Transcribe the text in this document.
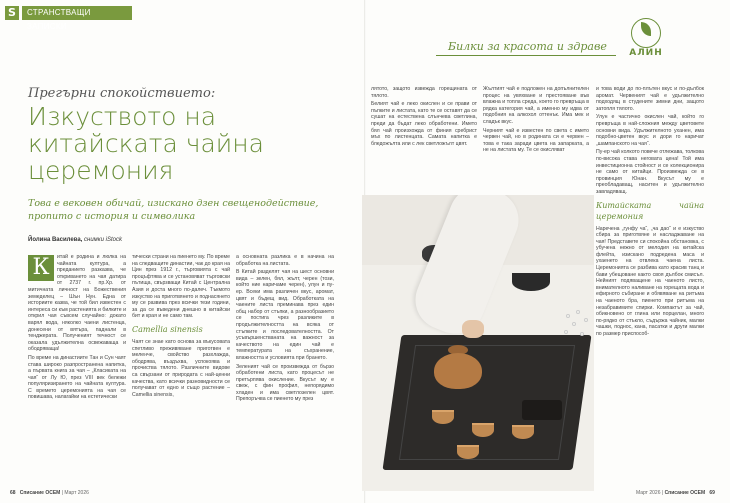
S	СТРАНСТВАЩИ ЗАПИСКИ
Прегърни спокойствието:
Изкуството на китайската чайна церемония
Това е вековен обичай, изискано дзен свещенодействие, пропито с история и символика
Йолина Василева, снимки iStock
К	итай е родина и люлка на чайната култура, а преданието разказва, че откриването на чая датира от 2737 г. пр.Хр. от митичната личност на Божествения земеделец – Шън Нун. Една от историите казва, че той бил известен с интереса си към растенията и билките и открил чая съвсем случайно: докато варял вода, няколко чаени листенца, донесени от вятъра, паднали в тенджерата. Полученият течност се оказала удължителна освежаваща и ободряваща!

По време на династиите Тан и Сун чаят става широко разпространена напитка, а първата книга за чая – „Класиката на чая“ от Лу Ю, през VIII век бележи популяризирането на чайната култура. С времето церемонията на чая се повишава, налагайки на естетически

тически страни на пиенето му. По време на следващите династии, чак до края на Цин през 1912 г., търговията с чай процъфтява и се установяват търговски пътища, свързващи Китай с Централна Азия и доста много по-далеч. Тъкмото изкуство на приготвянето и поднасянето му се развива през всички тези години, за да се въведени днешно в китайски бит и края и не само там.

Camellia sinensis

Чаят се знае като основа за въкусовата спетливо преживяване приготвен е меленче, свойство разхлажда, ободрява, въздъхва, успокоява и прочиства тялото. Различните видове са свързани от природата с най-ценни качества, като всички разновидности се получават от едно и също растение – Camellia sinensis,

а основната разлика е в начина на обработка на листата.

В Китай разделят чая на шест основни вида – зелен, бял, жълт, черен (този, който ние наричаме черен), улун и пу-ер. Всеки има различен вкус, аромат, цвят и бъдещ вид. Обработката на чаените листа преминава през един общ набор от стъпки, а разнообразието се постига чрез разликите в продължителността на всяка от стъпките и последователността. От усъвършенстваната на важност за качеството на един чай е температурата на съхранение, влажността и условията при брането.

Зеленият чай се произвежда от бързо обработени листа, като процесът не претърпява окисление. Вкусът му е свеж, с фин профил, непорядимо хладен и има светлозелен цвят. Препоръчва се пиенето му през

Билки за красота и здраве	АЛИН

лятото, защото извежда горещината от тялото.

Белият чай е леко окислен и се прави от пъпките и листата, като те се оставят да се сушат на естествена слънчева светлина, преди да бъдат леко обработени. Името бял чай произхожда от финия сребрист мъх по листенцата. Самата напитка е бледожълта или с лек светложълт цвят.

Жълтият чай е подложен на допълнителен процес на увяхване и престояване във влажна и топла среда, което го превръща в рядка категория чай, а именно му идва от подобния на алкохол оттенък. Има мек и сладък вкус.

Черният чай е известен по света с името червен чай, но в родината си е червен – това е така заради цвета на запарката, а не на листата му. Те се окисляват

и това води до по-плътен вкус и по-дълбок аромат. Червеният чай е удължително подходящ в студените зимни дни, защото затопля тялото.

Улун е частично окислен чай, който го превръща в най-сложния между цветовете основни вида. Удължителното уханен, има подобно-цветен вкус и дори го наричат „шампанското на чая“.

Пу-ер чай колкото повече отлежава, толкова по-висока става неговата цена! Той има инвестиционна стойност и се колекционира не само от китайци. Произвежда се в провинция Юнан. Вкусът му е преобладаващ, наситен и удължително завладяващ.

Китайската чайна церемония

Наречена „гунфу ча“, „ча дао“ и е изкуство сбира за приготвяне и насладжаване на чая! Представете си спокойна обстановка, с убучена нежно от мелодия на китайска флейта, изискано подредена маса и ухаенето на отвлека чаена листа. Церемонията се разбива като красив танц и бави убещоване както своя дълбок смисъл. Нейният подяващене на чаеното листо, внимателното наливане на горещата вода и ефирното събиране и обявяване на ритъма на чаеното бра, пиенето при ритъма на незабравимите спирки. Компактът за чай, обикновено от глина или порцелан, много по-рядко от стъкло, съдържа чайник, малки чашки, поднос, кана, пасатки и други малки по размер приспособ-

68 Списание ОСЕМ | Март 2026	Март 2026 | Списание ОСЕМ 69
